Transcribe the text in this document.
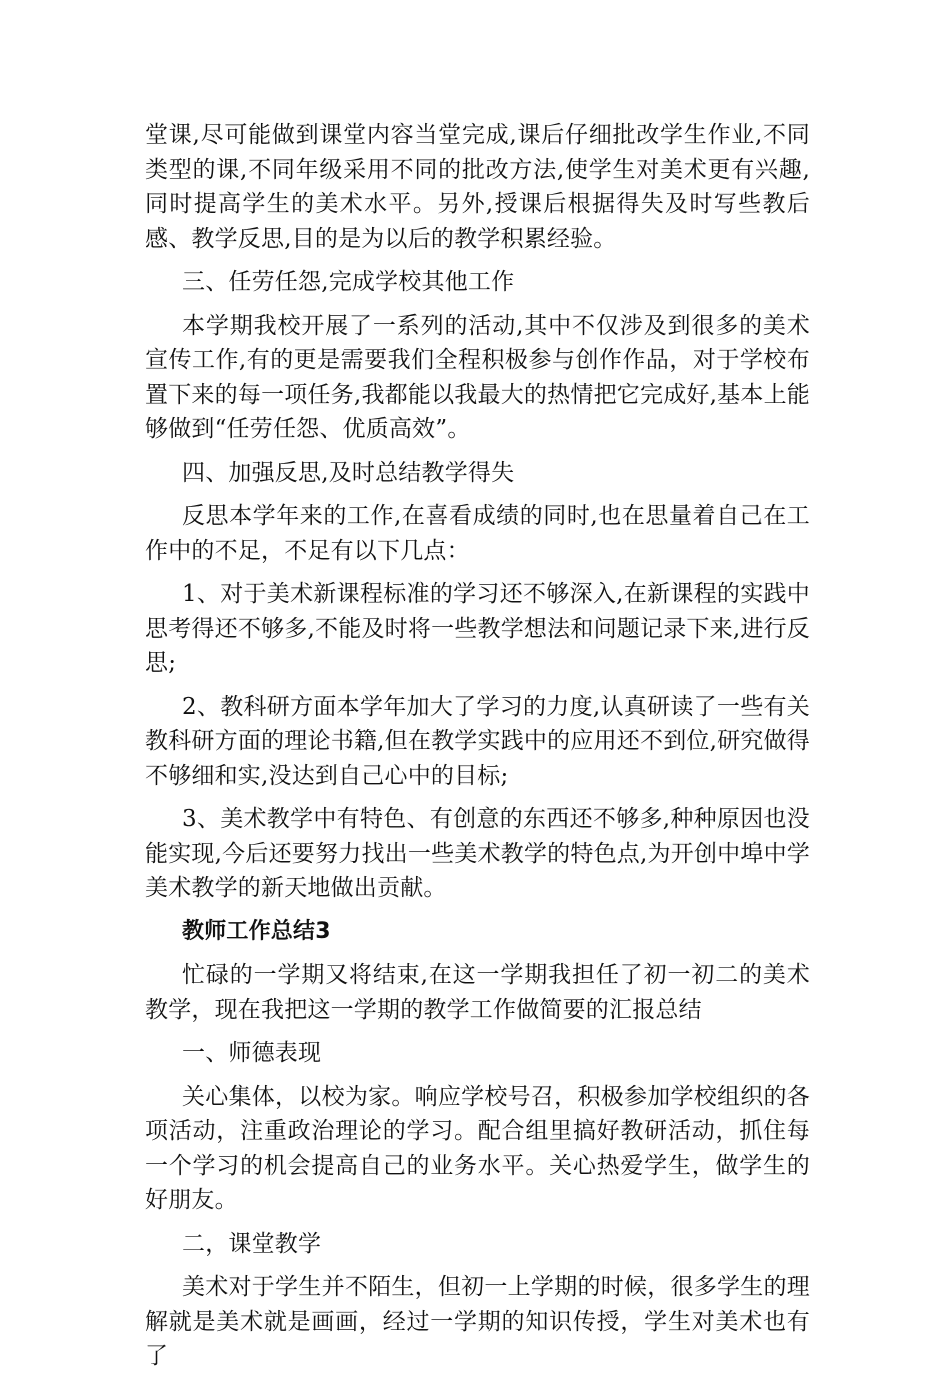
堂课,尽可能做到课堂内容当堂完成,课后仔细批改学生作业,不同类型的课,不同年级采用不同的批改方法,使学生对美术更有兴趣,同时提高学生的美术水平。另外,授课后根据得失及时写些教后感、教学反思,目的是为以后的教学积累经验。

三、任劳任怨,完成学校其他工作

本学期我校开展了一系列的活动,其中不仅涉及到很多的美术宣传工作,有的更是需要我们全程积极参与创作作品，对于学校布置下来的每一项任务,我都能以我最大的热情把它完成好,基本上能够做到“任劳任怨、优质高效”。

四、加强反思,及时总结教学得失

反思本学年来的工作,在喜看成绩的同时,也在思量着自己在工作中的不足，不足有以下几点：

1、对于美术新课程标准的学习还不够深入,在新课程的实践中思考得还不够多,不能及时将一些教学想法和问题记录下来,进行反思;

2、教科研方面本学年加大了学习的力度,认真研读了一些有关教科研方面的理论书籍,但在教学实践中的应用还不到位,研究做得不够细和实,没达到自己心中的目标;

3、美术教学中有特色、有创意的东西还不够多,种种原因也没能实现,今后还要努力找出一些美术教学的特色点,为开创中埠中学美术教学的新天地做出贡献。

教师工作总结3

忙碌的一学期又将结束,在这一学期我担任了初一初二的美术教学，现在我把这一学期的教学工作做简要的汇报总结

一、师德表现

关心集体，以校为家。响应学校号召，积极参加学校组织的各项活动，注重政治理论的学习。配合组里搞好教研活动，抓住每一个学习的机会提高自己的业务水平。关心热爱学生，做学生的好朋友。

二，课堂教学

美术对于学生并不陌生，但初一上学期的时候，很多学生的理解就是美术就是画画，经过一学期的知识传授，学生对美术也有了
